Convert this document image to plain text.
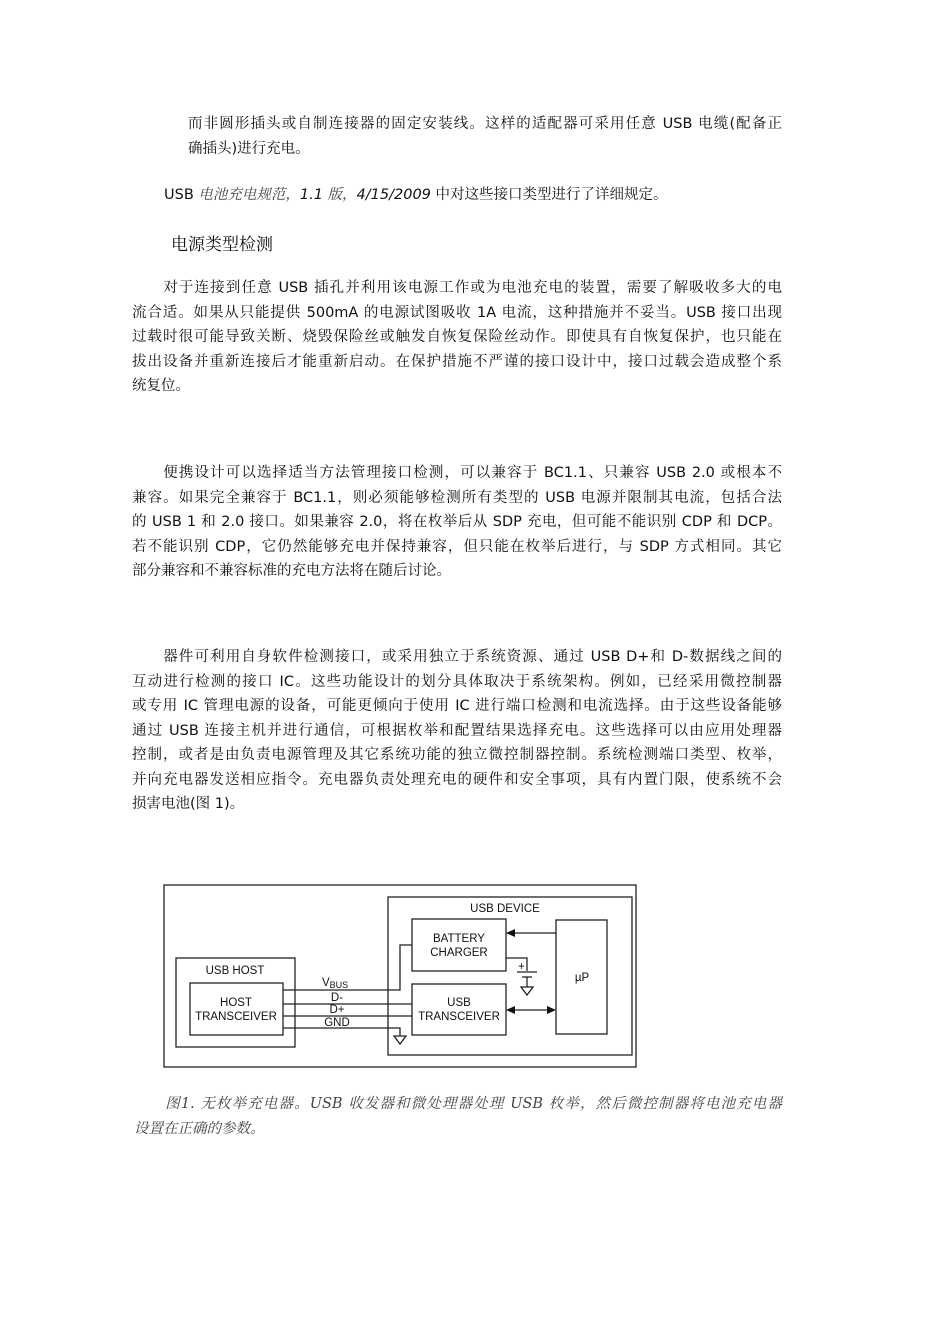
而非圆形插头或自制连接器的固定安装线。这样的适配器可采用任意 USB 电缆(配备正
确插头)进行充电。
USB 电池充电规范，1.1 版，4/15/2009 中对这些接口类型进行了详细规定。
电源类型检测
　　对于连接到任意 USB 插孔并利用该电源工作或为电池充电的装置，需要了解吸收多大的电
流合适。如果从只能提供 500mA 的电源试图吸收 1A 电流，这种措施并不妥当。USB 接口出现
过载时很可能导致关断、烧毁保险丝或触发自恢复保险丝动作。即使具有自恢复保护，也只能在
拔出设备并重新连接后才能重新启动。在保护措施不严谨的接口设计中，接口过载会造成整个系
统复位。
　　便携设计可以选择适当方法管理接口检测，可以兼容于 BC1.1、只兼容 USB 2.0 或根本不
兼容。如果完全兼容于 BC1.1，则必须能够检测所有类型的 USB 电源并限制其电流，包括合法
的 USB 1 和 2.0 接口。如果兼容 2.0，将在枚举后从 SDP 充电，但可能不能识别 CDP 和 DCP。
若不能识别 CDP，它仍然能够充电并保持兼容，但只能在枚举后进行，与 SDP 方式相同。其它
部分兼容和不兼容标准的充电方法将在随后讨论。
　　器件可利用自身软件检测接口，或采用独立于系统资源、通过 USB D+和 D-数据线之间的
互动进行检测的接口 IC。这些功能设计的划分具体取决于系统架构。例如，已经采用微控制器
或专用 IC 管理电源的设备，可能更倾向于使用 IC 进行端口检测和电流选择。由于这些设备能够
通过 USB 连接主机并进行通信，可根据枚举和配置结果选择充电。这些选择可以由应用处理器
控制，或者是由负责电源管理及其它系统功能的独立微控制器控制。系统检测端口类型、枚举，
并向充电器发送相应指令。充电器负责处理充电的硬件和安全事项，具有内置门限，使系统不会
损害电池(图 1)。
USB DEVICE
BATTERY
CHARGER
µP
USB
TRANSCEIVER
USB HOST
HOST
TRANSCEIVER
VBUS
D-
D+
GND
+
　　图1. 无枚举充电器。USB 收发器和微处理器处理 USB 枚举，然后微控制器将电池充电器
设置在正确的参数。
